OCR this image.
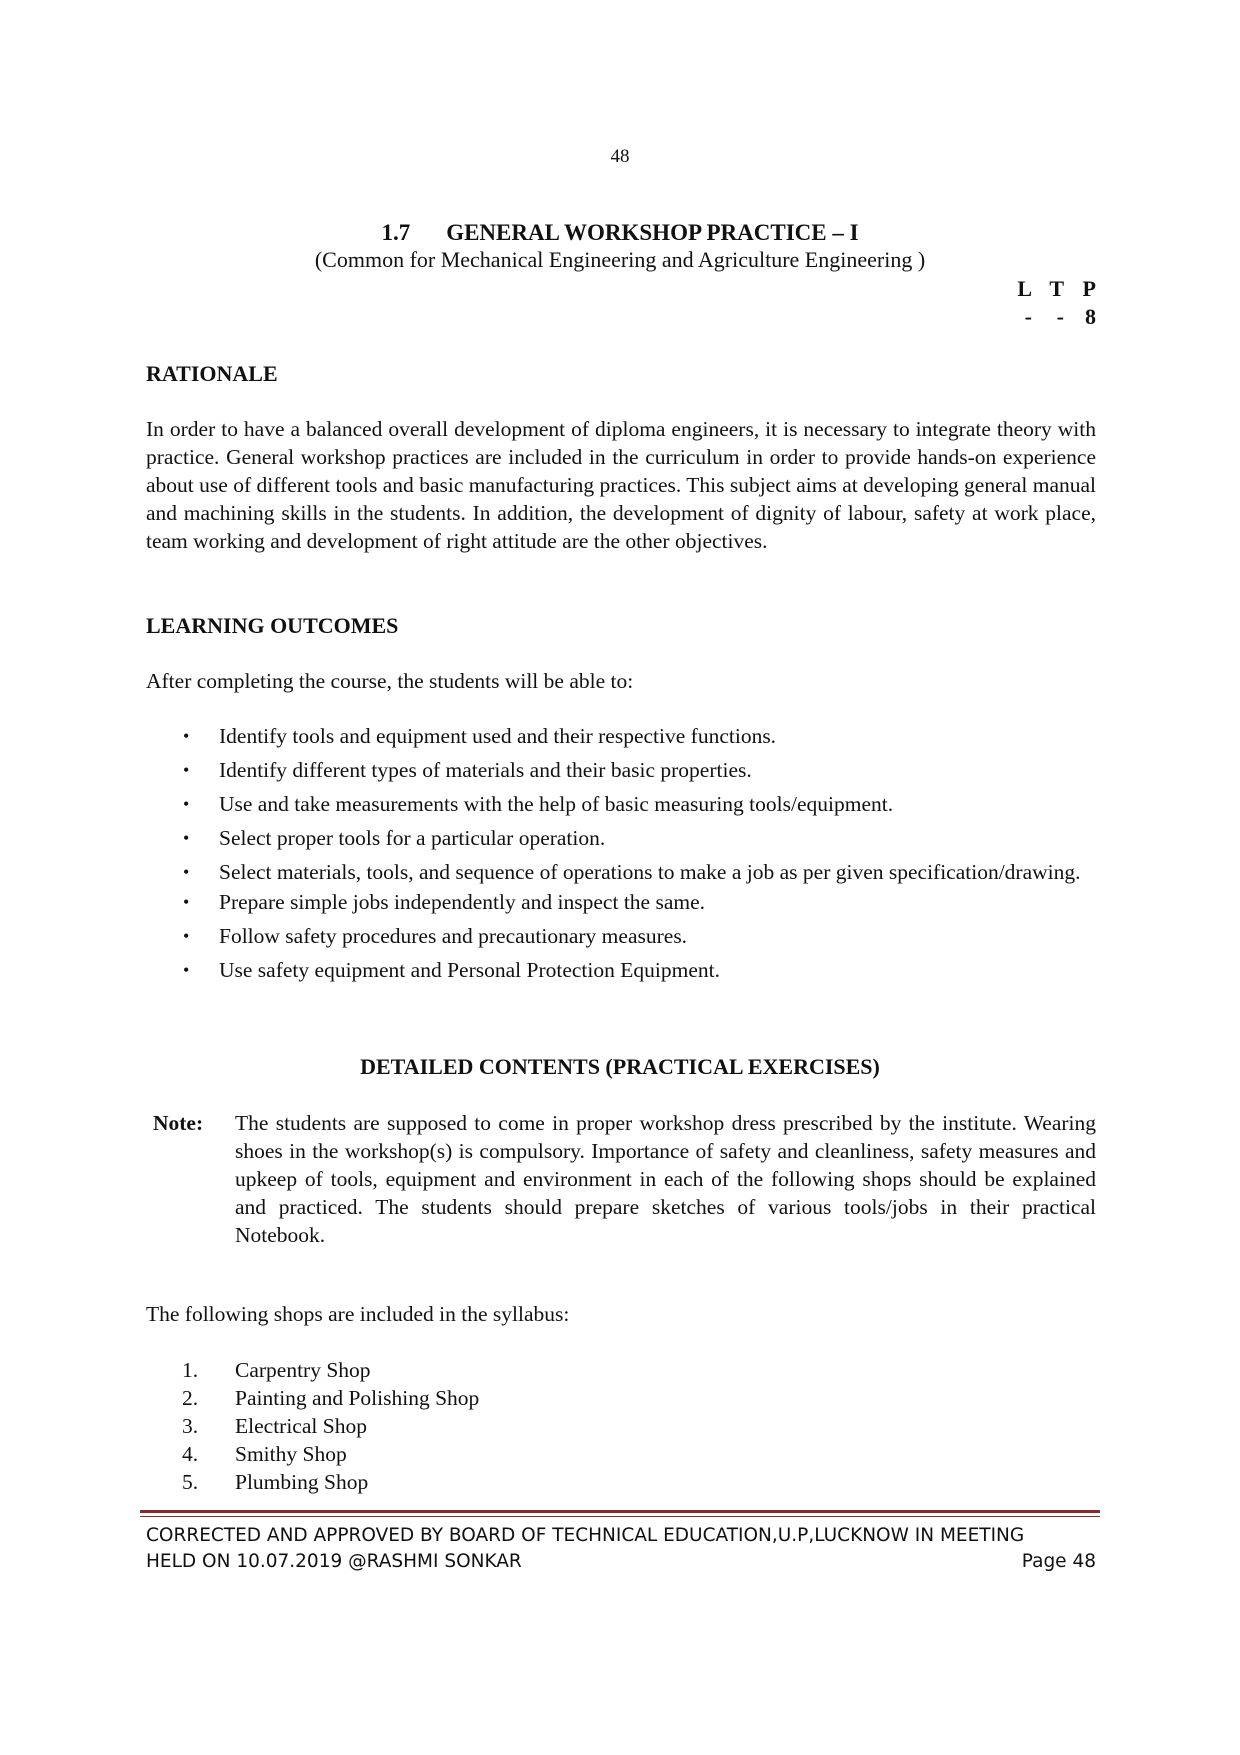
48
1.7 GENERAL WORKSHOP PRACTICE – I
(Common for Mechanical Engineering and Agriculture Engineering )
L T P
-	- 8
RATIONALE
In order to have a balanced overall development of diploma engineers, it is necessary to integrate theory with practice. General workshop practices are included in the curriculum in order to provide hands-on experience about use of different tools and basic manufacturing practices. This subject aims at developing general manual and machining skills in the students. In addition, the development of dignity of labour, safety at work place, team working and development of right attitude are the other objectives.
LEARNING OUTCOMES
After completing the course, the students will be able to:
• Identify tools and equipment used and their respective functions.
• Identify different types of materials and their basic properties.
• Use and take measurements with the help of basic measuring tools/equipment.
• Select proper tools for a particular operation.
• Select materials, tools, and sequence of operations to make a job as per given specification/drawing.
• Prepare simple jobs independently and inspect the same.
• Follow safety procedures and precautionary measures.
• Use safety equipment and Personal Protection Equipment.
DETAILED CONTENTS (PRACTICAL EXERCISES)
Note: The students are supposed to come in proper workshop dress prescribed by the institute. Wearing shoes in the workshop(s) is compulsory. Importance of safety and cleanliness, safety measures and upkeep of tools, equipment and environment in each of the following shops should be explained and practiced. The students should prepare sketches of various tools/jobs in their practical Notebook.
The following shops are included in the syllabus:
1.	Carpentry Shop
2.	Painting and Polishing Shop
3.	Electrical Shop
4.	Smithy Shop
5.	Plumbing Shop
CORRECTED AND APPROVED BY BOARD OF TECHNICAL EDUCATION,U.P,LUCKNOW IN MEETING
HELD ON 10.07.2019 @RASHMI SONKAR	Page 48
